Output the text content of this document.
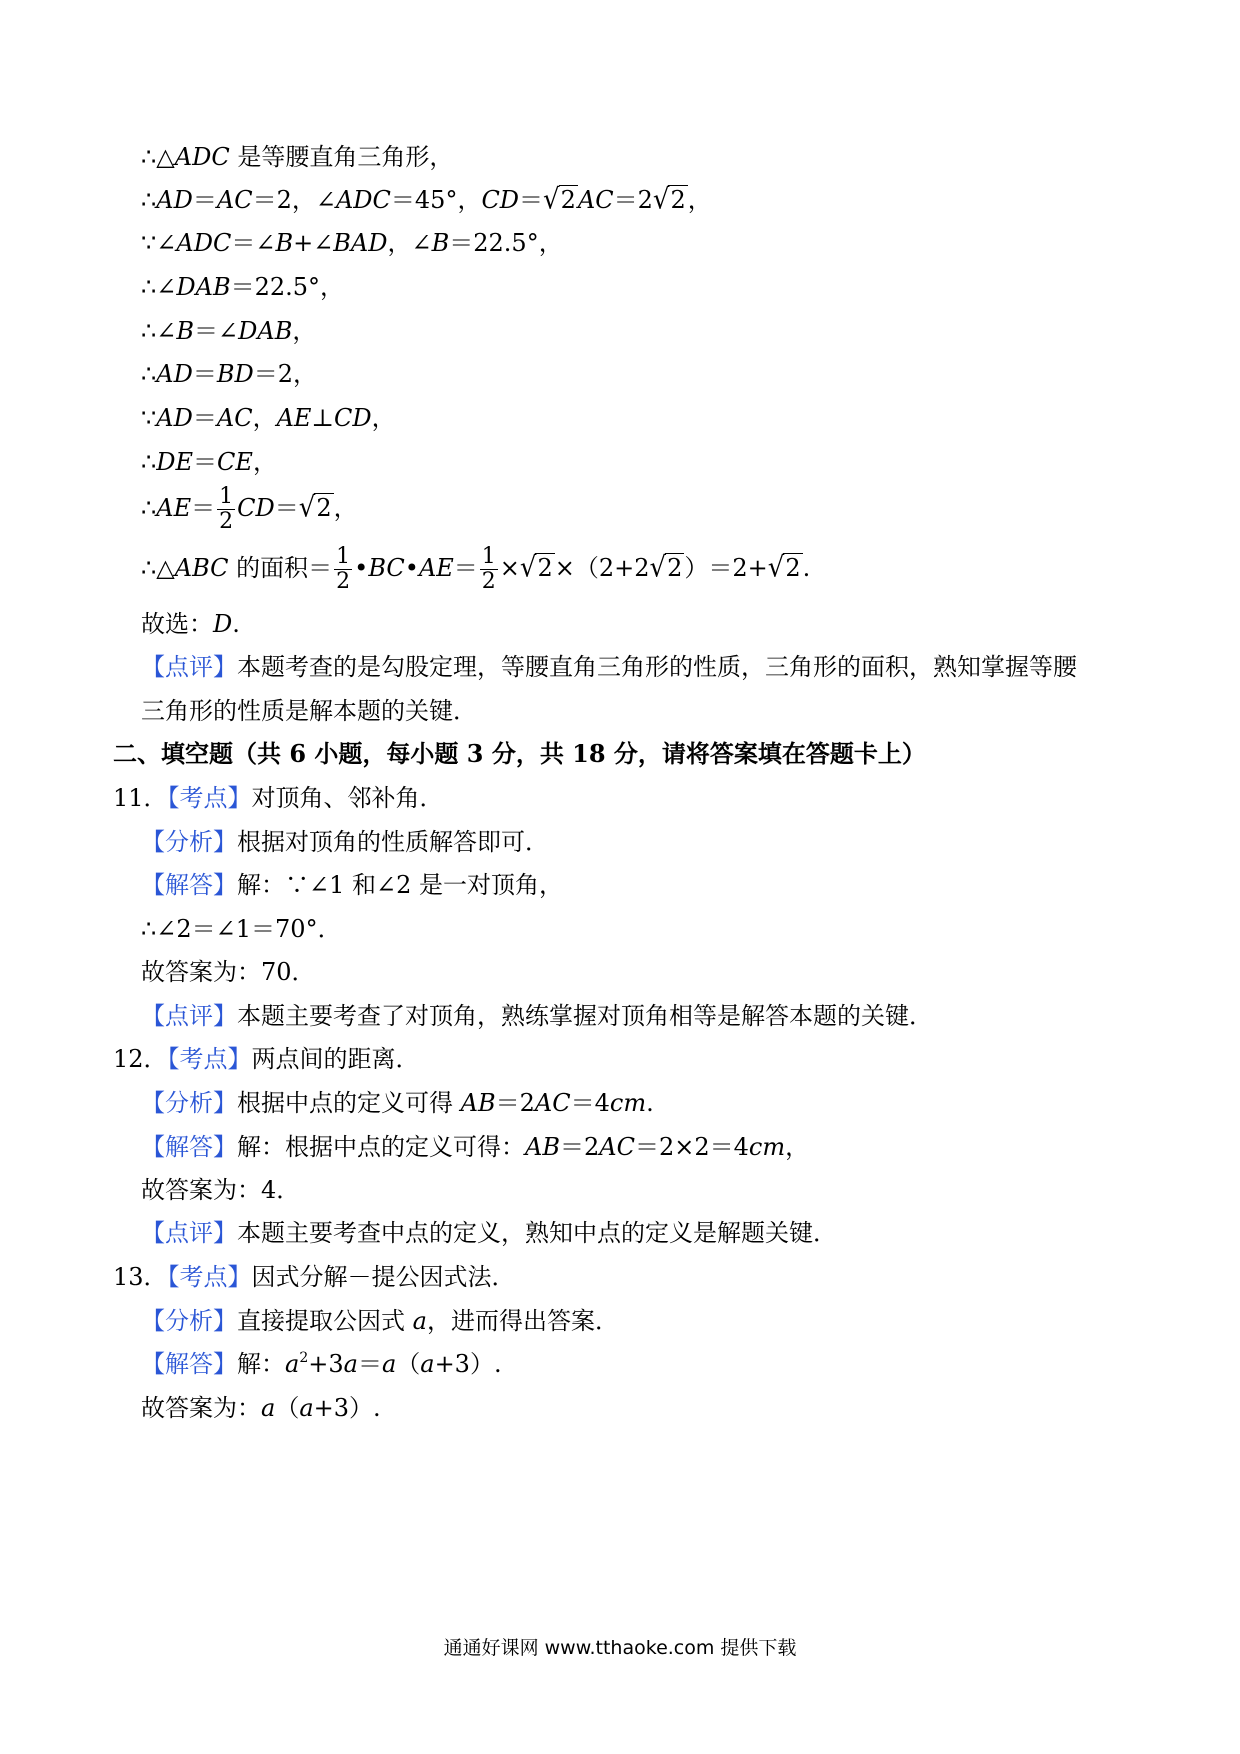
∴△ADC 是等腰直角三角形，
∴AD＝AC＝2，∠ADC＝45°，CD＝√2AC＝2√2，
∵∠ADC＝∠B+∠BAD，∠B＝22.5°，
∴∠DAB＝22.5°，
∴∠B＝∠DAB，
∴AD＝BD＝2，
∵AD＝AC，AE⊥CD，
∴DE＝CE，
∴AE＝ $\frac{1}{2} CD=√2$，
∴△ABC 的面积＝ $\frac{1}{2}$ •BC•AE＝ $\frac{1}{2} \times√2\times(2+2√2)=2+√2$.
故选：D.
【点评】本题考查的是勾股定理，等腰直角三角形的性质，三角形的面积，熟知掌握等腰
三角形的性质是解本题的关键．
二、填空题（共 6 小题，每小题 3 分，共 18 分，请将答案填在答题卡上）
11．【考点】对顶角、邻补角．
【分析】根据对顶角的性质解答即可．
【解答】解：∵∠1 和∠2 是一对顶角，
∴∠2＝∠1＝70°．
故答案为：70．
【点评】本题主要考查了对顶角，熟练掌握对顶角相等是解答本题的关键．
12．【考点】两点间的距离．
【分析】根据中点的定义可得 AB＝2AC＝4cm.
【解答】解：根据中点的定义可得：AB＝2AC＝2×2＝4cm，
故答案为：4．
【点评】本题主要考查中点的定义，熟知中点的定义是解题关键．
13．【考点】因式分解－提公因式法．
【分析】直接提取公因式 a，进而得出答案．
【解答】解：$a^2+3a=a(a+3)$.
故答案为：a（a+3）.
通通好课网 www.tthaoke.com 提供下载
